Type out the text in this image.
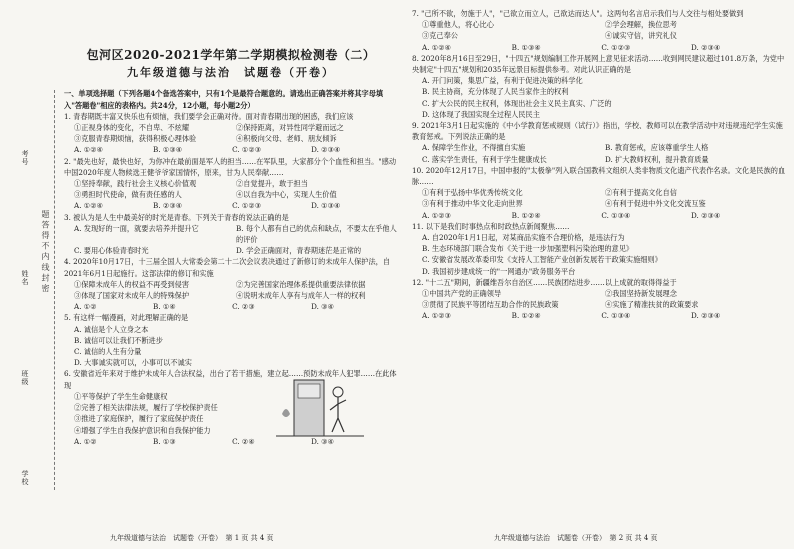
考号
姓名
班级
学校
题 答 得 不 内 线 封 密
包河区2020-2021学年第二学期模拟检测卷（二）
九年级道德与法治　试题卷（开卷）
一、单项选择题（下列各题4个备选答案中，只有1个是最符合题意的。请选出正确答案并将其字母填入"答题卷"相应的表格内。共24分，12小题，每小题2分）

1. 青春期既丰富又快乐也有烦恼，我们要学会正确对待。面对青春期出现的困惑，我们应该

①正视身体的变化，不自卑、不炫耀	②保持距离，对异性同学避而远之
③克服青春期烦恼，获得积极心理体验	④积极向父母、老师、朋友倾诉
A. ①②④	B. ①③④	C. ①②③	D. ②③④

2. "最先也好，最快也好，为你冲在最前面是军人的担当……在军队里，大家都分个个血性和担当。"感动中国2020年度人物候选王健爷爷家国情怀，原来，甘为人民奉献……

①坚持奉献，践行社会主义核心价值观	②自觉提升，敢于担当
③勇担时代使命，做有责任感的人	④以自我为中心，实现人生价值
A. ①②④	B. ②③④	C. ①②③	D. ①③④

3. 被认为是人生中最美好的时光是青春。下列关于青春的说法正确的是

A. 发现好的一面，就要去培养并提升它	B. 每个人都有自己的优点和缺点，不要太在乎他人的评价
C. 要用心体验青春时光	D. 学会正确面对，青春期迷茫是正常的

4. 2020年10月17日，十三届全国人大常委会第二十二次会议表决通过了新修订的未成年人保护法，自2021年6月1日起施行。这部法律的修订和实施

①保障未成年人的权益不再受到侵害	②为完善国家治理体系提供重要法律依据
③体现了国家对未成年人的特殊保护	④说明未成年人享有与成年人一样的权利
A. ①②	B. ①④	C. ②③	D. ③④

5. 有这样一幅漫画，对此理解正确的是

A. 诚信是个人立身之本

B. 诚信可以让我们不断进步

C. 诚信的人生有分量

D. 大事诚实就可以，小事可以不诚实

6. 安徽省近年来对于维护未成年人合法权益，出台了若干措施，建立起……预防未成年人犯罪……在此体现

①平等保护了学生生命健康权

②完善了相关法律法规，履行了学校保护责任

③推进了家庭保护，履行了家庭保护责任

④增强了学生自我保护意识和自我保护能力

A. ①②	B. ①③	C. ②④	D. ③④
九年级道德与法治　试题卷（开卷）　第 1 页 共 4 页

7. "己所不欲，勿施于人"，"己欲立而立人，己欲达而达人"。这两句名言启示我们与人交往与相处要做到

①尊重他人，将心比心	②学会理解，换位思考
③克己奉公	④诚实守信，讲究礼仪
A. ①②④	B. ①③④	C. ①②③	D. ②③④

8. 2020年8月16日至29日，"十四五"规划编制工作开展网上意见征求活动……收到网民建议超过101.8万条，为党中央制定"十四五"规划和2035年远景目标提供参考。对此认识正确的是

A. 开门问策，集思广益，有利于促进决策的科学化

B. 民主协商，充分体现了人民当家作主的权利

C. 扩大公民的民主权利，体现出社会主义民主真实、广泛的

D. 这体现了我国实现全过程人民民主

9. 2021年3月1日起实施的《中小学教育惩戒规则（试行）》指出，学校、教师可以在教学活动中对违规违纪学生实施教育惩戒。下列说法正确的是

A. 保障学生作业，不得擅自实施	B. 教育惩戒，应该尊重学生人格
C. 落实学生责任，有利于学生健康成长	D. 扩大教师权利，提升教育质量

10. 2020年12月17日，中国申报的"太极拳"列入联合国教科文组织人类非物质文化遗产代表作名录。文化是民族的血脉……

①有利于弘扬中华优秀传统文化	②有利于提高文化自信
③有利于推动中华文化走向世界	④有利于促进中外文化交流互鉴
A. ①②③	B. ①②④	C. ①③④	D. ②③④

11. 以下是我们时事热点和时政热点新闻聚焦……

A. 自2020年1月1日起，对某商品实施不合理价格，是违法行为

B. 生态环境部门联合发布《关于进一步加强塑料污染治理的意见》

C. 安徽省发展改革委印发《支持人工智能产业创新发展若干政策实施细则》

D. 我国初步建成统一的"一网通办"政务服务平台

12. "十二五"期间，新疆维吾尔自治区……民族团结进步……以上成就的取得得益于

①中国共产党的正确领导	②我国坚持新发展理念
③贯彻了民族平等团结互助合作的民族政策	④实施了精准扶贫的政策要求
A. ①②③	B. ①②④	C. ①③④	D. ②③④
九年级道德与法治　试题卷（开卷）　第 2 页 共 4 页
